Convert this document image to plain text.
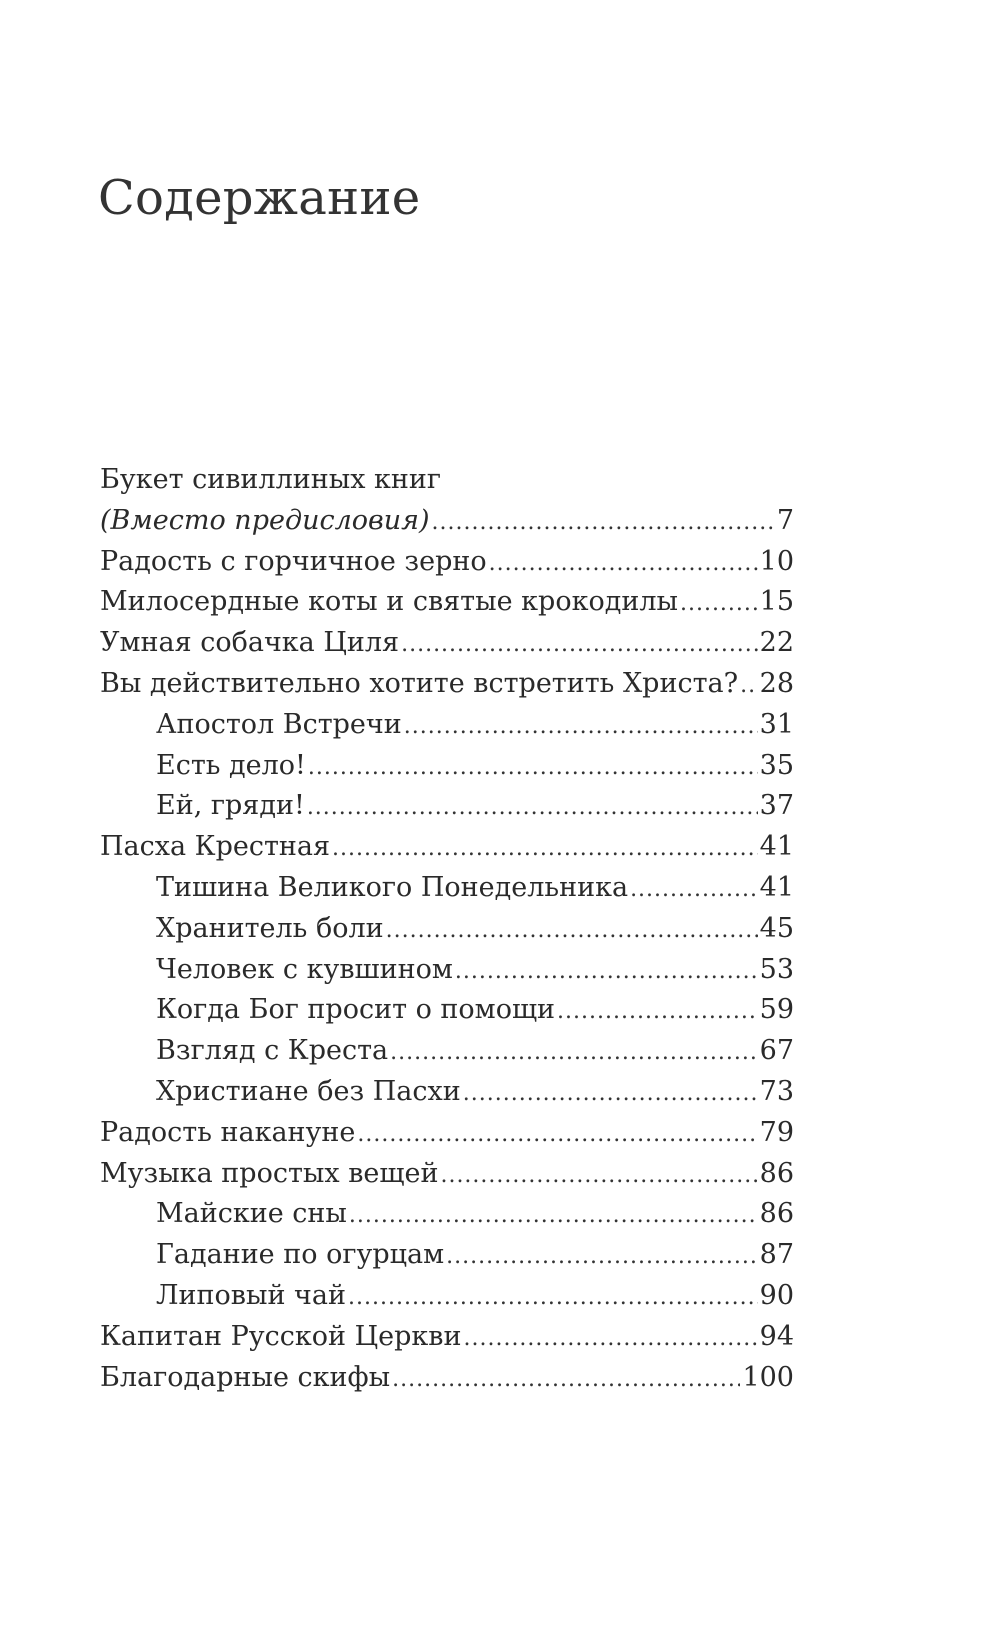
Содержание
Букет сивиллиных книг
(Вместо предисловия) .....	7
Радость с горчичное зерно .....	10
Милосердные коты и святые крокодилы .....	15
Умная собачка Циля .....	22
Вы действительно хотите встретить Христа? ..... 28
Апостол Встречи .....	31
Есть дело! .....	35
Ей, гряди! .....	37
Пасха Крестная .....	41
Тишина Великого Понедельника .....	41
Хранитель боли .....	45
Человек с кувшином .....	53
Когда Бог просит о помощи .....	59
Взгляд с Креста .....	67
Христиане без Пасхи .....	73
Радость накануне .....	79
Музыка простых вещей .....	86
Майские сны .....	86
Гадание по огурцам .....	87
Липовый чай .....	90
Капитан Русской Церкви .....	94
Благодарные скифы .....	100
